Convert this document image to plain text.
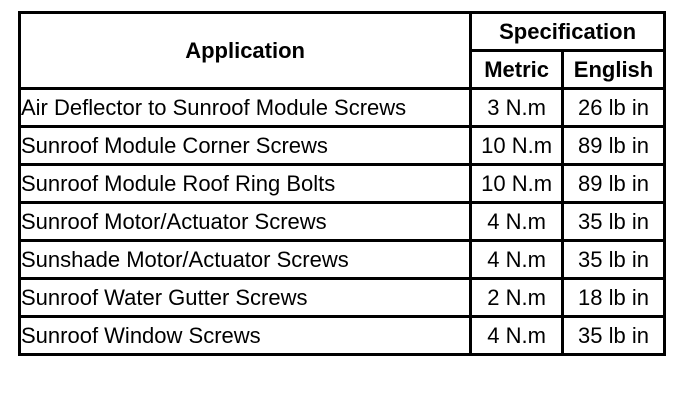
Application	Specification	
	Metric	English
Air Deflector to Sunroof Module Screws	3 N.m	26 lb in
Sunroof Module Corner Screws	10 N.m	89 lb in
Sunroof Module Roof Ring Bolts	10 N.m	89 lb in
Sunroof Motor/Actuator Screws	4 N.m	35 lb in
Sunshade Motor/Actuator Screws	4 N.m	35 lb in
Sunroof Water Gutter Screws	2 N.m	18 lb in
Sunroof Window Screws	4 N.m	35 lb in
